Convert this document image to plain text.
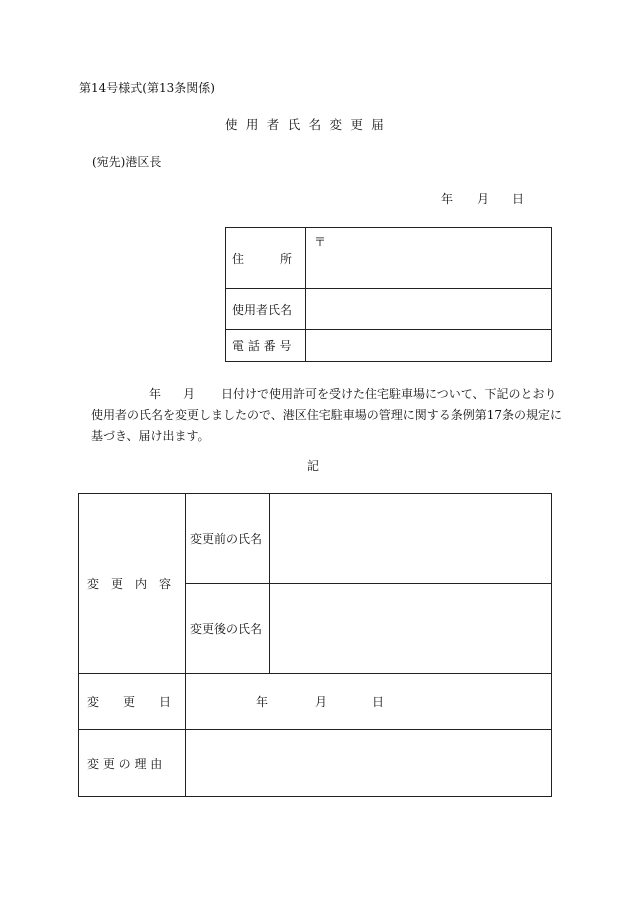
第14号様式(第13条関係)
使用者氏名変更届
(宛先)港区長
年 月 日
住　　　所	〒

使用者氏名	
電 話 番 号	
年 月 日付けで使用許可を受けた住宅駐車場について、下記のとおり
使用者の氏名を変更しましたので、港区住宅駐車場の管理に関する条例第17条の規定に
基づき、届け出ます。
記
変　更　内　容	変更前の氏名	
	変更後の氏名	
変　　更　　日	年 月 日	
変 更 の 理 由		
